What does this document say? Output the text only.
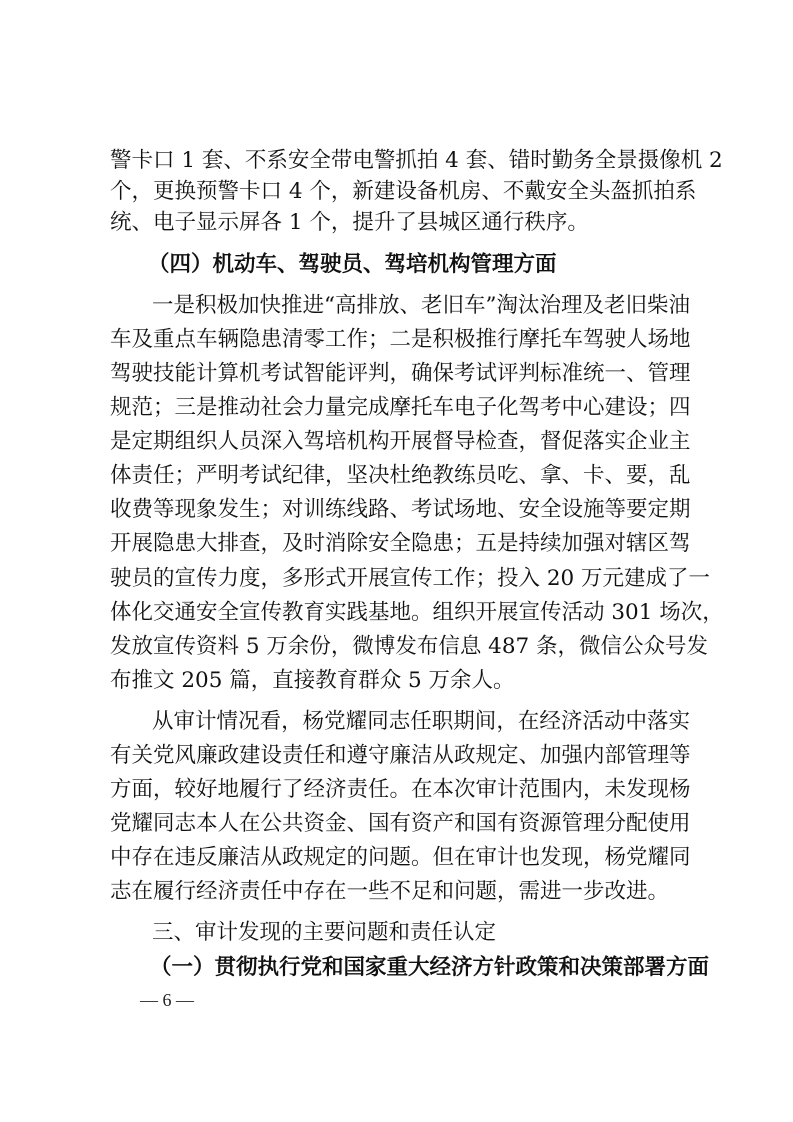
警卡口 1 套、不系安全带电警抓拍 4 套、错时勤务全景摄像机 2
个，更换预警卡口 4 个，新建设备机房、不戴安全头盔抓拍系
统、电子显示屏各 1 个，提升了县城区通行秩序。
（四）机动车、驾驶员、驾培机构管理方面
一是积极加快推进“高排放、老旧车”淘汰治理及老旧柴油
车及重点车辆隐患清零工作；二是积极推行摩托车驾驶人场地
驾驶技能计算机考试智能评判，确保考试评判标准统一、管理
规范；三是推动社会力量完成摩托车电子化驾考中心建设；四
是定期组织人员深入驾培机构开展督导检查，督促落实企业主
体责任；严明考试纪律，坚决杜绝教练员吃、拿、卡、要，乱
收费等现象发生；对训练线路、考试场地、安全设施等要定期
开展隐患大排查，及时消除安全隐患；五是持续加强对辖区驾
驶员的宣传力度，多形式开展宣传工作；投入 20 万元建成了一
体化交通安全宣传教育实践基地。组织开展宣传活动 301 场次，
发放宣传资料 5 万余份，微博发布信息 487 条，微信公众号发
布推文 205 篇，直接教育群众 5 万余人。
从审计情况看，杨党耀同志任职期间，在经济活动中落实
有关党风廉政建设责任和遵守廉洁从政规定、加强内部管理等
方面，较好地履行了经济责任。在本次审计范围内，未发现杨
党耀同志本人在公共资金、国有资产和国有资源管理分配使用
中存在违反廉洁从政规定的问题。但在审计也发现，杨党耀同
志在履行经济责任中存在一些不足和问题，需进一步改进。
三、审计发现的主要问题和责任认定
（一）贯彻执行党和国家重大经济方针政策和决策部署方面
— 6 —
